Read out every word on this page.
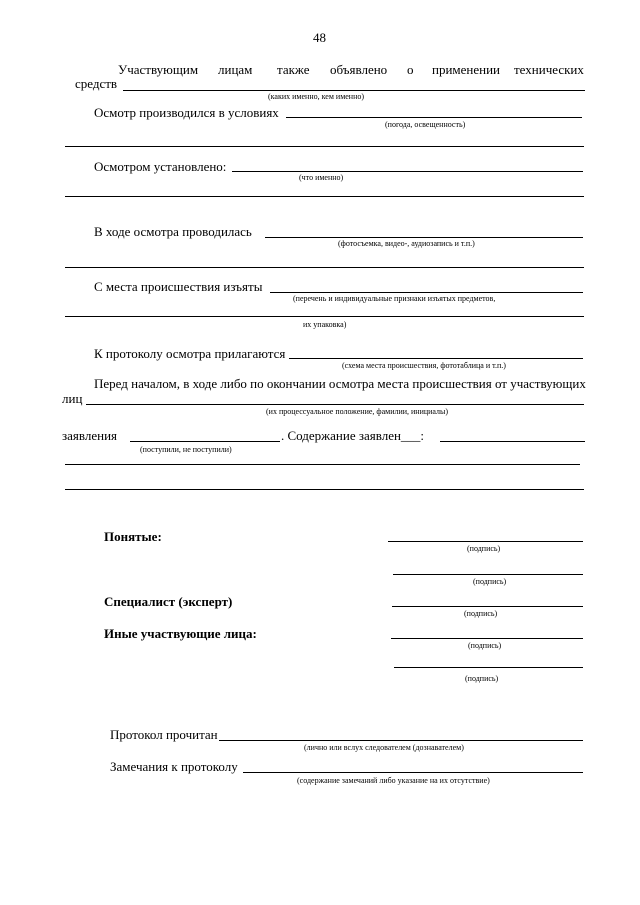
48
Участвующим лицам также объявлено о применении технических
средств
(каких именно, кем именно)
Осмотр производился в условиях
(погода, освещенность)
Осмотром установлено:
(что именно)
В ходе осмотра проводилась
(фотосъемка, видео-, аудиозапись и т.п.)
С места происшествия изъяты
(перечень и индивидуальные признаки изъятых предметов,
их упаковка)
К протоколу осмотра прилагаются
(схема места происшествия, фототаблица и т.п.)
Перед началом, в ходе либо по окончании осмотра места происшествия от участвующих
лиц
(их процессуальное положение, фамилии, инициалы)
заявления	. Содержание заявлен___:
(поступили, не поступили)
Понятые:
(подпись)
(подпись)
Специалист (эксперт)
(подпись)
Иные участвующие лица:
(подпись)
(подпись)
Протокол прочитан
(лично или вслух следователем (дознавателем)
Замечания к протоколу
(содержание замечаний либо указание на их отсутствие)
